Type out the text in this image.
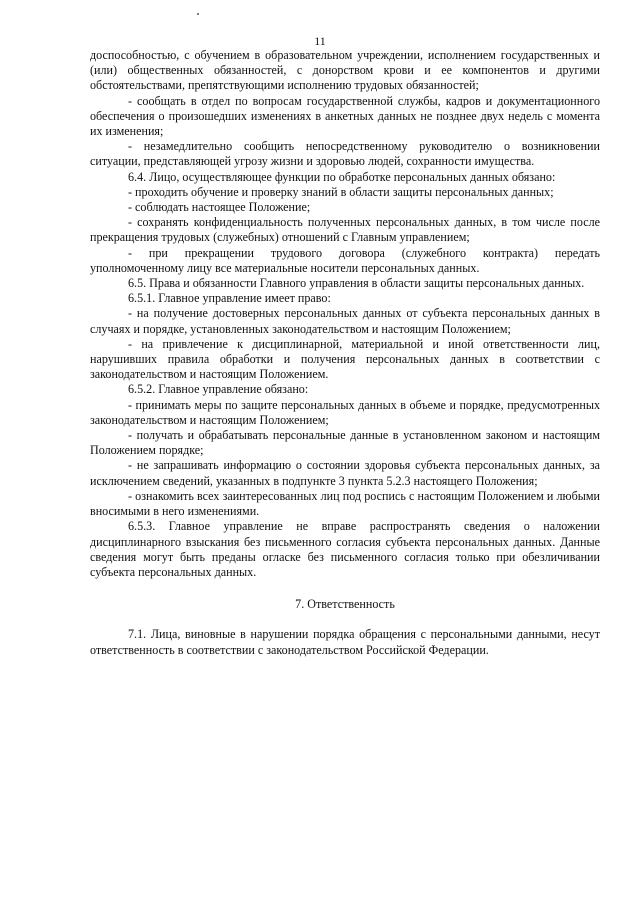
11

доспособностью, с обучением в образовательном учреждении, исполнением государственных и (или) общественных обязанностей, с донорством крови и ее компонентов и другими обстоятельствами, препятствующими исполнению трудовых обязанностей;

- сообщать в отдел по вопросам государственной службы, кадров и документационного обеспечения о произошедших изменениях в анкетных данных не позднее двух недель с момента их изменения;

- незамедлительно сообщить непосредственному руководителю о возникновении ситуации, представляющей угрозу жизни и здоровью людей, сохранности имущества.

6.4. Лицо, осуществляющее функции по обработке персональных данных обязано:

- проходить обучение и проверку знаний в области защиты персональных данных;

- соблюдать настоящее Положение;

- сохранять конфиденциальность полученных персональных данных, в том числе после прекращения трудовых (служебных) отношений с Главным управлением;

- при прекращении трудового договора (служебного контракта) передать уполномоченному лицу все материальные носители персональных данных.

6.5. Права и обязанности Главного управления в области защиты персональных данных.

6.5.1. Главное управление имеет право:

- на получение достоверных персональных данных от субъекта персональных данных в случаях и порядке, установленных законодательством и настоящим Положением;

- на привлечение к дисциплинарной, материальной и иной ответственности лиц, нарушивших правила обработки и получения персональных данных в соответствии с законодательством и настоящим Положением.

6.5.2. Главное управление обязано:

- принимать меры по защите персональных данных в объеме и порядке, предусмотренных законодательством и настоящим Положением;

- получать и обрабатывать персональные данные в установленном законом и настоящим Положением порядке;

- не запрашивать информацию о состоянии здоровья субъекта персональных данных, за исключением сведений, указанных в подпункте 3 пункта 5.2.3 настоящего Положения;

- ознакомить всех заинтересованных лиц под роспись с настоящим Положением и любыми вносимыми в него изменениями.

6.5.3. Главное управление не вправе распространять сведения о наложении дисциплинарного взыскания без письменного согласия субъекта персональных данных. Данные сведения могут быть преданы огласке без письменного согласия только при обезличивании субъекта персональных данных.

7. Ответственность

7.1. Лица, виновные в нарушении порядка обращения с персональными данными, несут ответственность в соответствии с законодательством Российской Федерации.
